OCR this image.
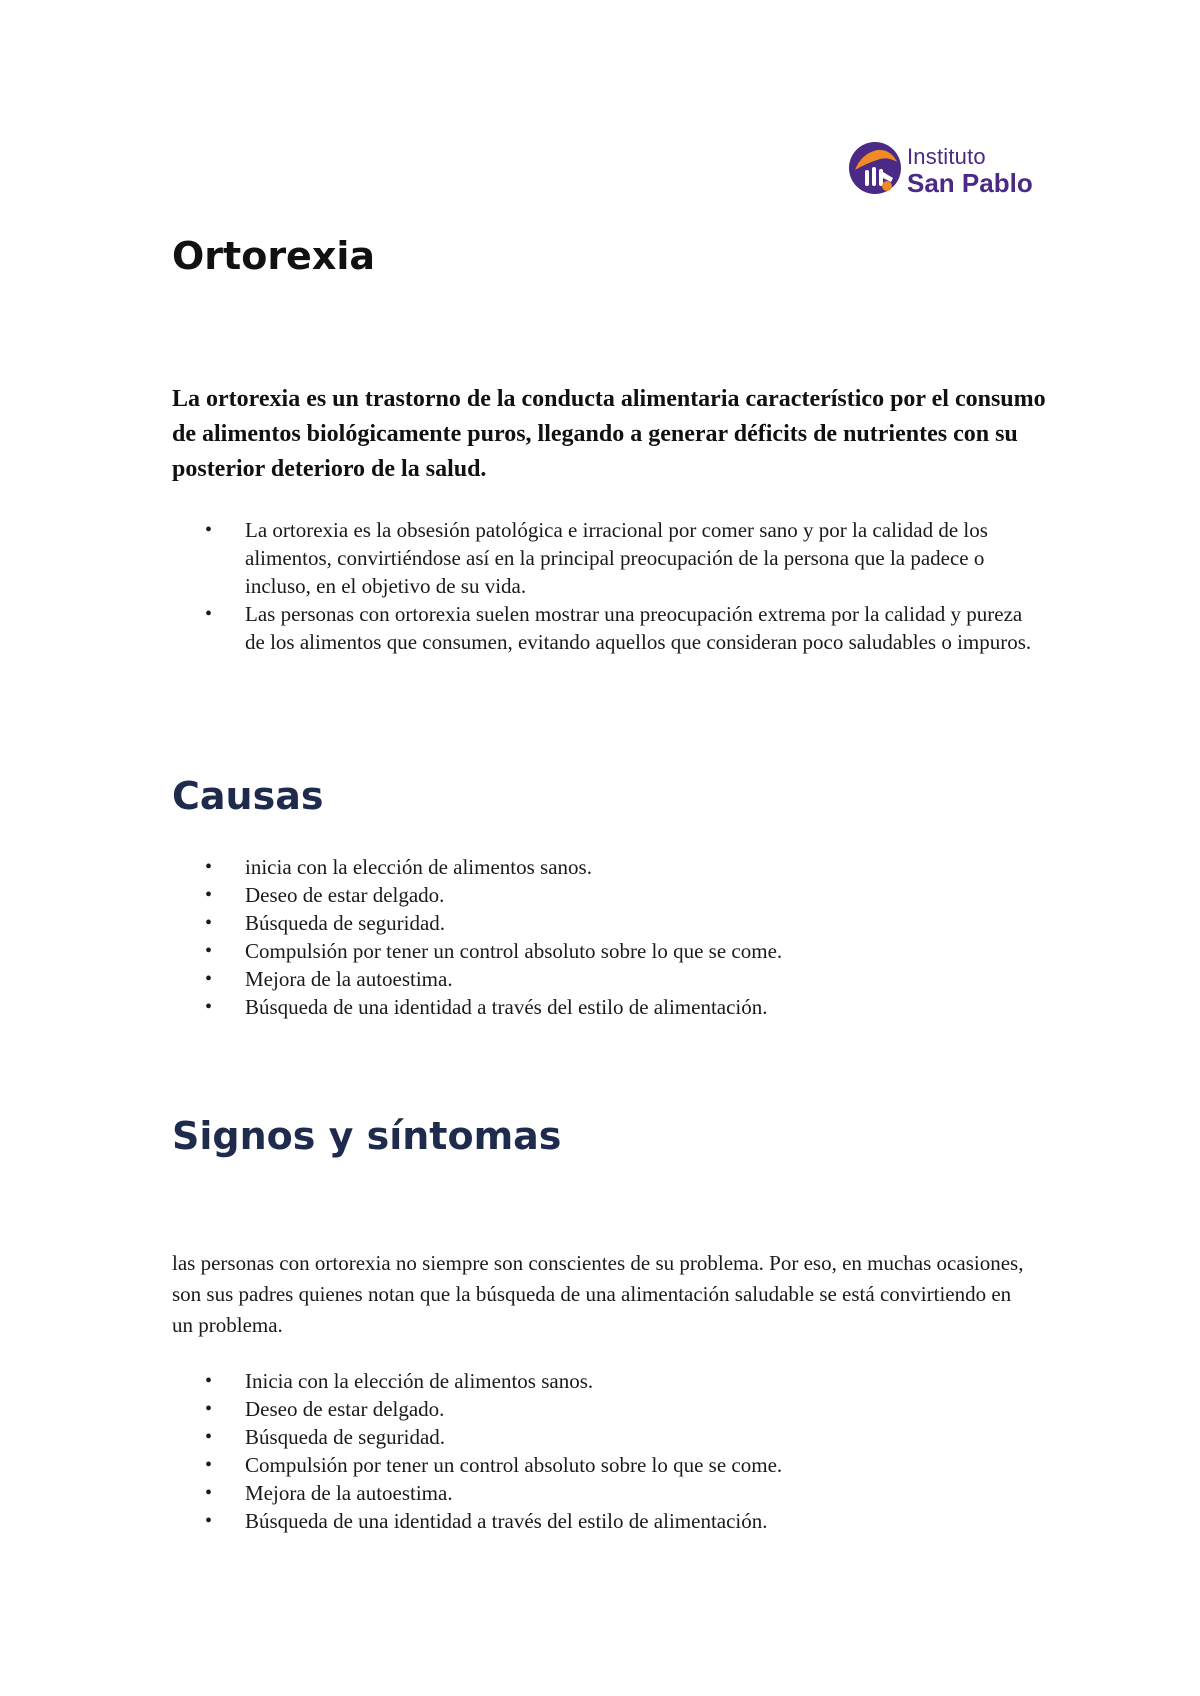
Instituto
San Pablo
Ortorexia

La ortorexia es un trastorno de la conducta alimentaria característico por el consumo de alimentos biológicamente puros, llegando a generar déficits de nutrientes con su posterior deterioro de la salud.

• La ortorexia es la obsesión patológica e irracional por comer sano y por la calidad de los alimentos, convirtiéndose así en la principal preocupación de la persona que la padece o incluso, en el objetivo de su vida.
• Las personas con ortorexia suelen mostrar una preocupación extrema por la calidad y pureza de los alimentos que consumen, evitando aquellos que consideran poco saludables o impuros.
Causas
• inicia con la elección de alimentos sanos.
• Deseo de estar delgado.
• Búsqueda de seguridad.
• Compulsión por tener un control absoluto sobre lo que se come.
• Mejora de la autoestima.
• Búsqueda de una identidad a través del estilo de alimentación.
Signos y síntomas

las personas con ortorexia no siempre son conscientes de su problema. Por eso, en muchas ocasiones, son sus padres quienes notan que la búsqueda de una alimentación saludable se está convirtiendo en un problema.

• Inicia con la elección de alimentos sanos.
• Deseo de estar delgado.
• Búsqueda de seguridad.
• Compulsión por tener un control absoluto sobre lo que se come.
• Mejora de la autoestima.
• Búsqueda de una identidad a través del estilo de alimentación.
